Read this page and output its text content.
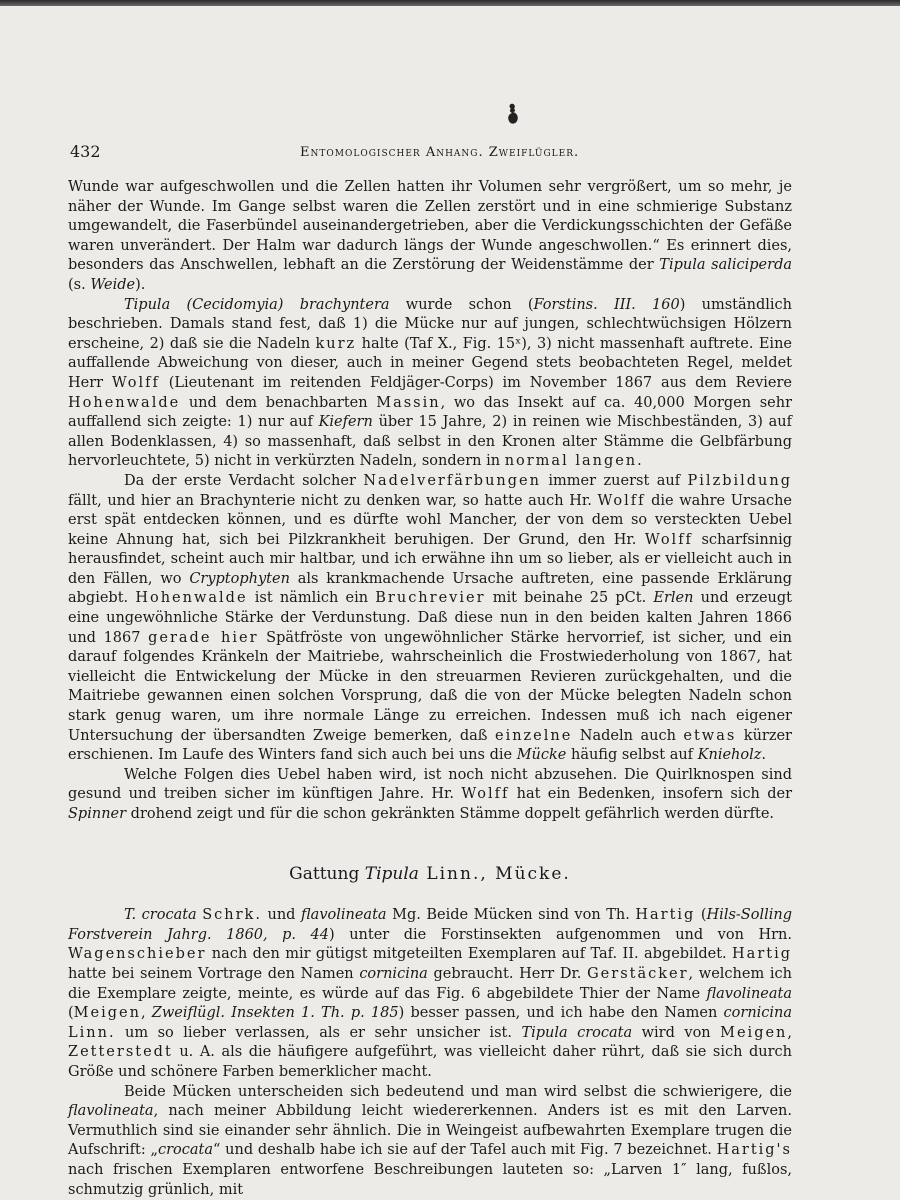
432	Entomologischer Anhang. Zweiflügler.

Wunde war aufgeschwollen und die Zellen hatten ihr Volumen sehr vergrößert, um so mehr, je näher der Wunde. Im Gange selbst waren die Zellen zerstört und in eine schmierige Substanz umgewandelt, die Faserbündel auseinandergetrieben, aber die Verdickungsschichten der Gefäße waren unverändert. Der Halm war dadurch längs der Wunde angeschwollen.“ Es erinnert dies, besonders das Anschwellen, lebhaft an die Zerstörung der Weidenstämme der Tipula saliciperda (s. Weide).

Tipula (Cecidomyia) brachyntera wurde schon (Forstins. III. 160) umständlich beschrieben. Damals stand fest, daß 1) die Mücke nur auf jungen, schlechtwüchsigen Hölzern erscheine, 2) daß sie die Nadeln kurz halte (Taf X., Fig. 15ˣ), 3) nicht massenhaft auftrete. Eine auffallende Abweichung von dieser, auch in meiner Gegend stets beobachteten Regel, meldet Herr Wolff (Lieutenant im reitenden Feldjäger-Corps) im November 1867 aus dem Reviere Hohenwalde und dem benachbarten Massin, wo das Insekt auf ca. 40,000 Morgen sehr auffallend sich zeigte: 1) nur auf Kiefern über 15 Jahre, 2) in reinen wie Mischbeständen, 3) auf allen Bodenklassen, 4) so massenhaft, daß selbst in den Kronen alter Stämme die Gelbfärbung hervorleuchtete, 5) nicht in verkürzten Nadeln, sondern in normal langen.

Da der erste Verdacht solcher Nadelverfärbungen immer zuerst auf Pilzbildung fällt, und hier an Brachynterie nicht zu denken war, so hatte auch Hr. Wolff die wahre Ursache erst spät entdecken können, und es dürfte wohl Mancher, der von dem so versteckten Uebel keine Ahnung hat, sich bei Pilzkrankheit beruhigen. Der Grund, den Hr. Wolff scharfsinnig herausfindet, scheint auch mir haltbar, und ich erwähne ihn um so lieber, als er vielleicht auch in den Fällen, wo Cryptophyten als krankmachende Ursache auftreten, eine passende Erklärung abgiebt. Hohenwalde ist nämlich ein Bruchrevier mit beinahe 25 pCt. Erlen und erzeugt eine ungewöhnliche Stärke der Verdunstung. Daß diese nun in den beiden kalten Jahren 1866 und 1867 gerade hier Spätfröste von ungewöhnlicher Stärke hervorrief, ist sicher, und ein darauf folgendes Kränkeln der Maitriebe, wahrscheinlich die Frostwiederholung von 1867, hat vielleicht die Entwickelung der Mücke in den streuarmen Revieren zurückgehalten, und die Maitriebe gewannen einen solchen Vorsprung, daß die von der Mücke belegten Nadeln schon stark genug waren, um ihre normale Länge zu erreichen. Indessen muß ich nach eigener Untersuchung der übersandten Zweige bemerken, daß einzelne Nadeln auch etwas kürzer erschienen. Im Laufe des Winters fand sich auch bei uns die Mücke häufig selbst auf Knieholz.

Welche Folgen dies Uebel haben wird, ist noch nicht abzusehen. Die Quirlknospen sind gesund und treiben sicher im künftigen Jahre. Hr. Wolff hat ein Bedenken, insofern sich der Spinner drohend zeigt und für die schon gekränkten Stämme doppelt gefährlich werden dürfte.

Gattung Tipula Linn., Mücke.

T. crocata Schrk. und flavolineata Mg. Beide Mücken sind von Th. Hartig (Hils-Solling Forstverein Jahrg. 1860, p. 44) unter die Forstinsekten aufgenommen und von Hrn. Wagenschieber nach den mir gütigst mitgeteilten Exemplaren auf Taf. II. abgebildet. Hartig hatte bei seinem Vortrage den Namen cornicina gebraucht. Herr Dr. Gerstäcker, welchem ich die Exemplare zeigte, meinte, es würde auf das Fig. 6 abgebildete Thier der Name flavolineata (Meigen, Zweiflügl. Insekten 1. Th. p. 185) besser passen, und ich habe den Namen cornicina Linn. um so lieber verlassen, als er sehr unsicher ist. Tipula crocata wird von Meigen, Zetterstedt u. A. als die häufigere aufgeführt, was vielleicht daher rührt, daß sie sich durch Größe und schönere Farben bemerklicher macht.

Beide Mücken unterscheiden sich bedeutend und man wird selbst die schwierigere, die flavolineata, nach meiner Abbildung leicht wiedererkennen. Anders ist es mit den Larven. Vermuthlich sind sie einander sehr ähnlich. Die in Weingeist aufbewahrten Exemplare trugen die Aufschrift: „crocata“ und deshalb habe ich sie auf der Tafel auch mit Fig. 7 bezeichnet. Hartig's nach frischen Exemplaren entworfene Beschreibungen lauteten so: „Larven 1″ lang, fußlos, schmutzig grünlich, mit
